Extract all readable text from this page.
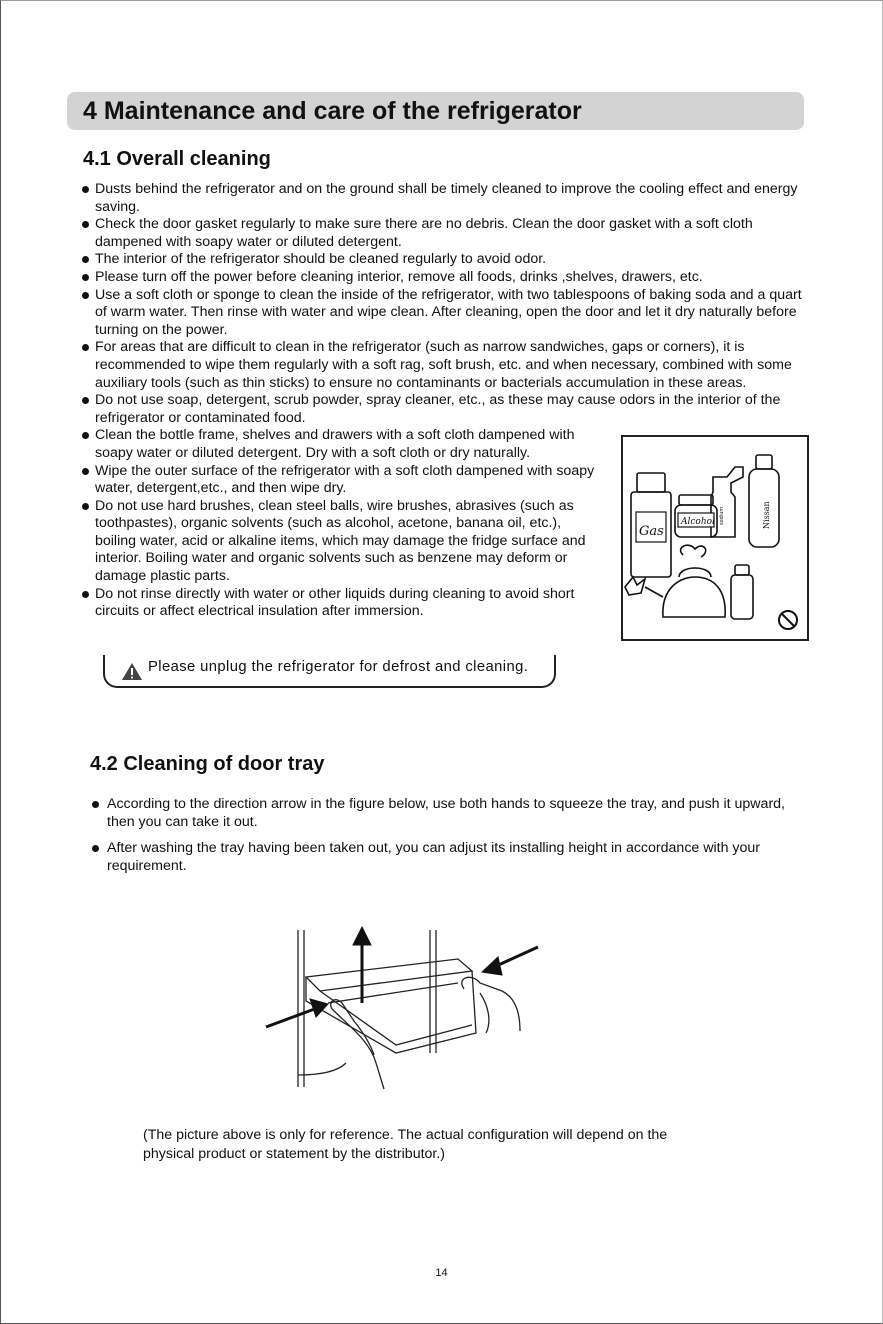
4 Maintenance and care of the refrigerator
4.1 Overall cleaning
Dusts behind the refrigerator and on the ground shall be timely cleaned to improve the cooling effect and energy saving.
Check the door gasket regularly to make sure there are no debris. Clean the door gasket with a soft cloth dampened with soapy water or diluted detergent.
The interior of the refrigerator should be cleaned regularly to avoid odor.
Please turn off the power before cleaning interior, remove all foods, drinks ,shelves, drawers, etc.
Use a soft cloth or sponge to clean the inside of the refrigerator, with two tablespoons of baking soda and a quart of warm water. Then rinse with water and wipe clean. After cleaning, open the door and let it dry naturally before turning on the power.
For areas that are difficult to clean in the refrigerator (such as narrow sandwiches, gaps or corners), it is recommended to wipe them regularly with a soft rag, soft brush, etc. and when necessary, combined with some auxiliary tools (such as thin sticks) to ensure no contaminants or bacterials accumulation in these areas.
Do not use soap, detergent, scrub powder, spray cleaner, etc., as these may cause odors in the interior of the refrigerator or contaminated food.
Clean the bottle frame, shelves and drawers with a soft cloth dampened with soapy water or diluted detergent. Dry with a soft cloth or dry naturally.
Wipe the outer surface of the refrigerator with a soft cloth dampened with soapy water, detergent,etc., and then wipe dry.
Do not use hard brushes, clean steel balls, wire brushes, abrasives (such as toothpastes), organic solvents (such as alcohol, acetone, banana oil, etc.), boiling water, acid or alkaline items, which may damage the fridge surface and interior. Boiling water and organic solvents such as benzene may deform or damage plastic parts.
Do not rinse directly with water or other liquids during cleaning to avoid short circuits or affect electrical insulation after immersion.
Gas
Alcohol sodium	Nissan
Please unplug the refrigerator for defrost and cleaning.
4.2 Cleaning of door tray
According to the direction arrow in the figure below, use both hands to squeeze the tray, and push it upward, then you can take it out.
After washing the tray having been taken out, you can adjust its installing height in accordance with your requirement.
(The picture above is only for reference. The actual configuration will depend on the physical product or statement by the distributor.)
14
